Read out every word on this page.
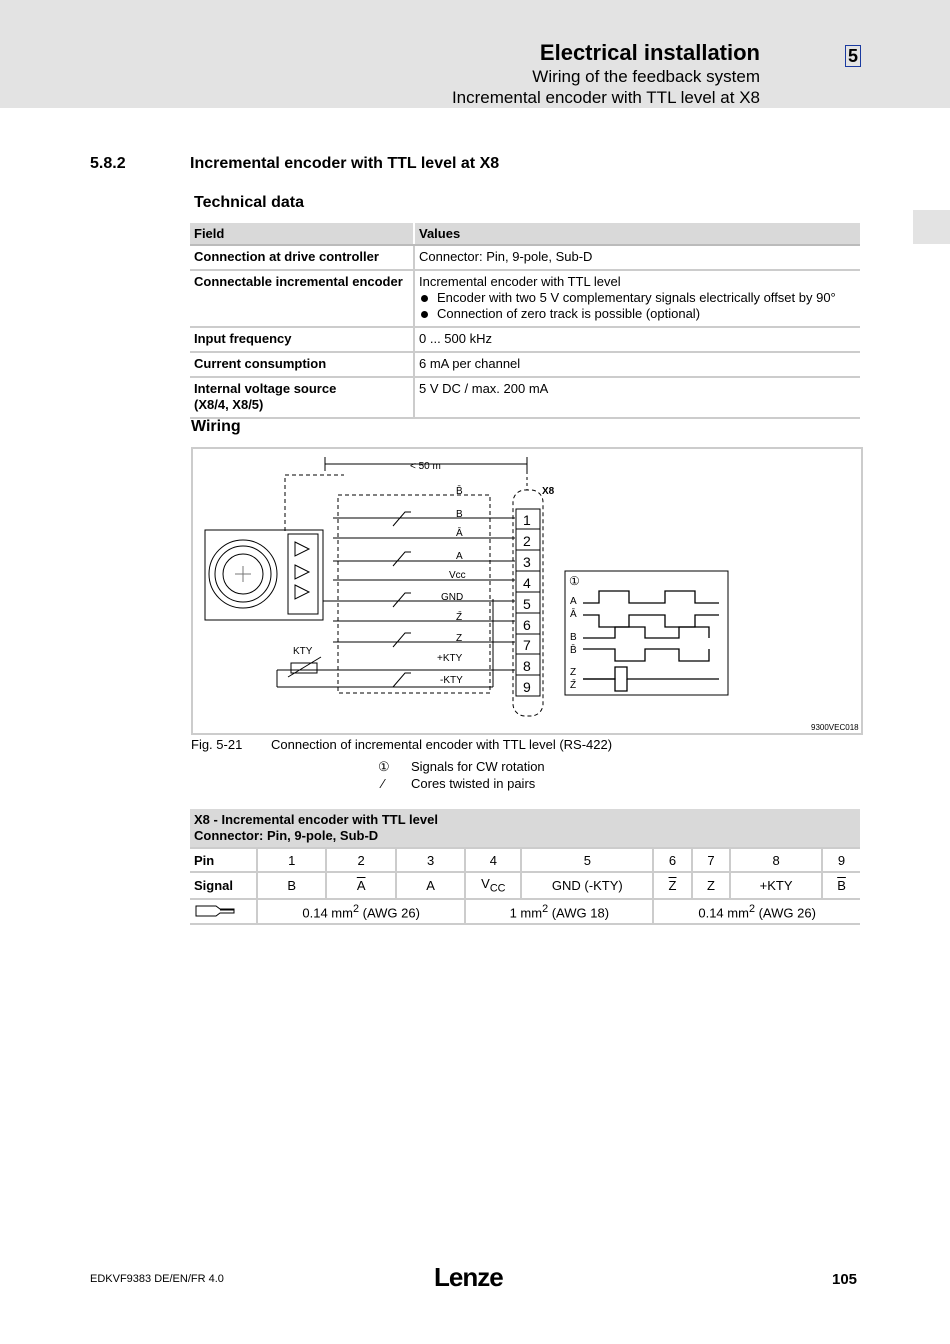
Electrical installation
Wiring of the feedback system
Incremental encoder with TTL level at X8
5
5.8.2	Incremental encoder with TTL level at X8
Technical data
Field	Values
Connection at drive controller	Connector: Pin, 9-pole, Sub-D
Connectable incremental encoder	Incremental encoder with TTL level
Encoder with two 5 V complementary signals electrically offset by 90°
Connection of zero track is possible (optional)

Input frequency	0 ... 500 kHz
Current consumption	6 mA per channel

Internal voltage source
(X8/4, X8/5)	5 V DC / max. 200 mA
Wiring
< 50 m
X8
KTY
B̄
B
Ā
A
Vcc
GND
Z̄
Z
+KTY
-KTY
1
2
3
4
5
6
7
8
9
①
A
Ā
B
B̄
Z
Z̄
9300VEC018
Fig. 5-21 Connection of incremental encoder with TTL level (RS-422)
① Signals for CW rotation
⁄ Cores twisted in pairs
X8 - Incremental encoder with TTL level
Connector: Pin, 9-pole, Sub-D									

Pin	1	2	3	4	5	6	7	8	9
Signal	B	$\overline{A}$	A	$V_{CC}$	GND (-KTY)	$\overline{Z}$	Z	+KTY	$\overline{B}$
	0.14 $mm^2$ (AWG 26)			1 $mm^2$ (AWG 18)		0.14 $mm^2$ (AWG 26)			
EDKVF9383 DE/EN/FR 4.0	Lenze	105
